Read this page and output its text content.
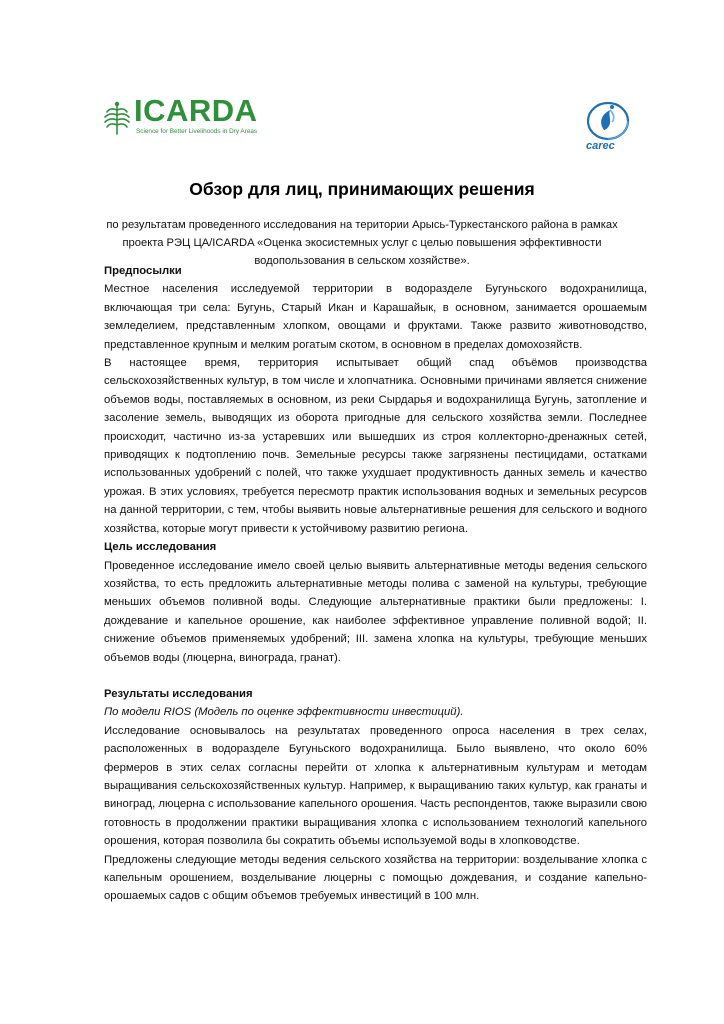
ICARDA
Science for Better Livelihoods in Dry Areas
carec
Обзор для лиц, принимающих решения
по результатам проведенного исследования на територии Арысь-Туркестанского района в рамках проекта РЭЦ ЦА/ICARDA «Оценка экосистемных услуг с целью повышения эффективности водопользования в сельском хозяйстве».
Предпосылки

Местное населения исследуемой территории в водоразделе Бугуньского водохранилища, включающая три села: Бугунь, Старый Икан и Карашайык, в основном, занимается орошаемым земледелием, представленным хлопком, овощами и фруктами. Также развито животноводство, представленное крупным и мелким рогатым скотом, в основном в пределах домохозяйств.

В настоящее время, территория испытывает общий спад объёмов производства сельскохозяйственных культур, в том числе и хлопчатника. Основными причинами является снижение объемов воды, поставляемых в основном, из реки Сырдарья и водохранилища Бугунь, затопление и засоление земель, выводящих из оборота пригодные для сельского хозяйства земли. Последнее происходит, частично из-за устаревших или вышедших из строя коллекторно-дренажных сетей, приводящих к подтоплению почв. Земельные ресурсы также загрязнены пестицидами, остатками использованных удобрений с полей, что также ухудшает продуктивность данных земель и качество урожая. В этих условиях, требуется пересмотр практик использования водных и земельных ресурсов на данной территории, с тем, чтобы выявить новые альтернативные решения для сельского и водного хозяйства, которые могут привести к устойчивому развитию региона.

Цель исследования

Проведенное исследование имело своей целью выявить альтернативные методы ведения сельского хозяйства, то есть предложить альтернативные методы полива с заменой на культуры, требующие меньших объемов поливной воды. Следующие альтернативные практики были предложены: I. дождевание и капельное орошение, как наиболее эффективное управление поливной водой; II. снижение объемов применяемых удобрений; III. замена хлопка на культуры, требующие меньших объемов воды (люцерна, винограда, гранат).

Результаты исследования

По модели RIOS (Модель по оценке эффективности инвестиций).

Исследование основывалось на результатах проведенного опроса населения в трех селах, расположенных в водоразделе Бугуньского водохранилища. Было выявлено, что около 60% фермеров в этих селах согласны перейти от хлопка к альтернативным культурам и методам выращивания сельскохозяйственных культур. Например, к выращиванию таких культур, как гранаты и виноград, люцерна с использование капельного орошения. Часть респондентов, также выразили свою готовность в продолжении практики выращивания хлопка с использованием технологий капельного орошения, которая позволила бы сократить объемы используемой воды в хлопководстве.

Предложены следующие методы ведения сельского хозяйства на территории: возделывание хлопка с капельным орошением, возделывание люцерны с помощью дождевания, и создание капельно-орошаемых садов с общим объемов требуемых инвестиций в 100 млн.
